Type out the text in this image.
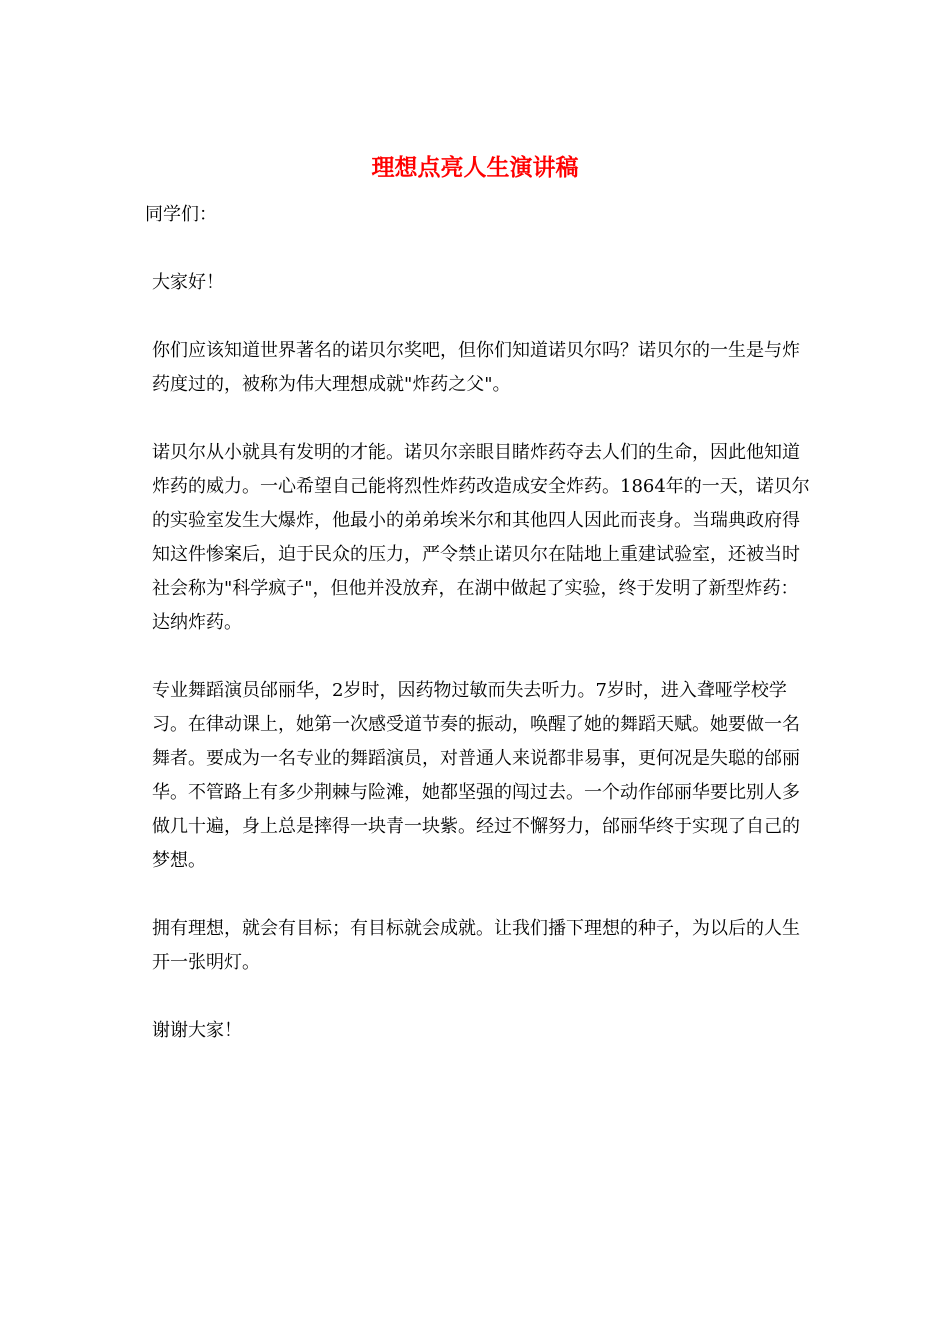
理想点亮人生演讲稿

同学们：

大家好！

你们应该知道世界著名的诺贝尔奖吧，但你们知道诺贝尔吗？诺贝尔的一生是与炸药度过的，被称为伟大理想成就"炸药之父"。

诺贝尔从小就具有发明的才能。诺贝尔亲眼目睹炸药夺去人们的生命，因此他知道炸药的威力。一心希望自己能将烈性炸药改造成安全炸药。1864年的一天，诺贝尔的实验室发生大爆炸，他最小的弟弟埃米尔和其他四人因此而丧身。当瑞典政府得知这件惨案后，迫于民众的压力，严令禁止诺贝尔在陆地上重建试验室，还被当时社会称为"科学疯子"，但他并没放弃，在湖中做起了实验，终于发明了新型炸药：达纳炸药。

专业舞蹈演员邰丽华，2岁时，因药物过敏而失去听力。7岁时，进入聋哑学校学习。在律动课上，她第一次感受道节奏的振动，唤醒了她的舞蹈天赋。她要做一名舞者。要成为一名专业的舞蹈演员，对普通人来说都非易事，更何况是失聪的邰丽华。不管路上有多少荆棘与险滩，她都坚强的闯过去。一个动作邰丽华要比别人多做几十遍，身上总是摔得一块青一块紫。经过不懈努力，邰丽华终于实现了自己的梦想。

拥有理想，就会有目标；有目标就会成就。让我们播下理想的种子，为以后的人生开一张明灯。

谢谢大家！
